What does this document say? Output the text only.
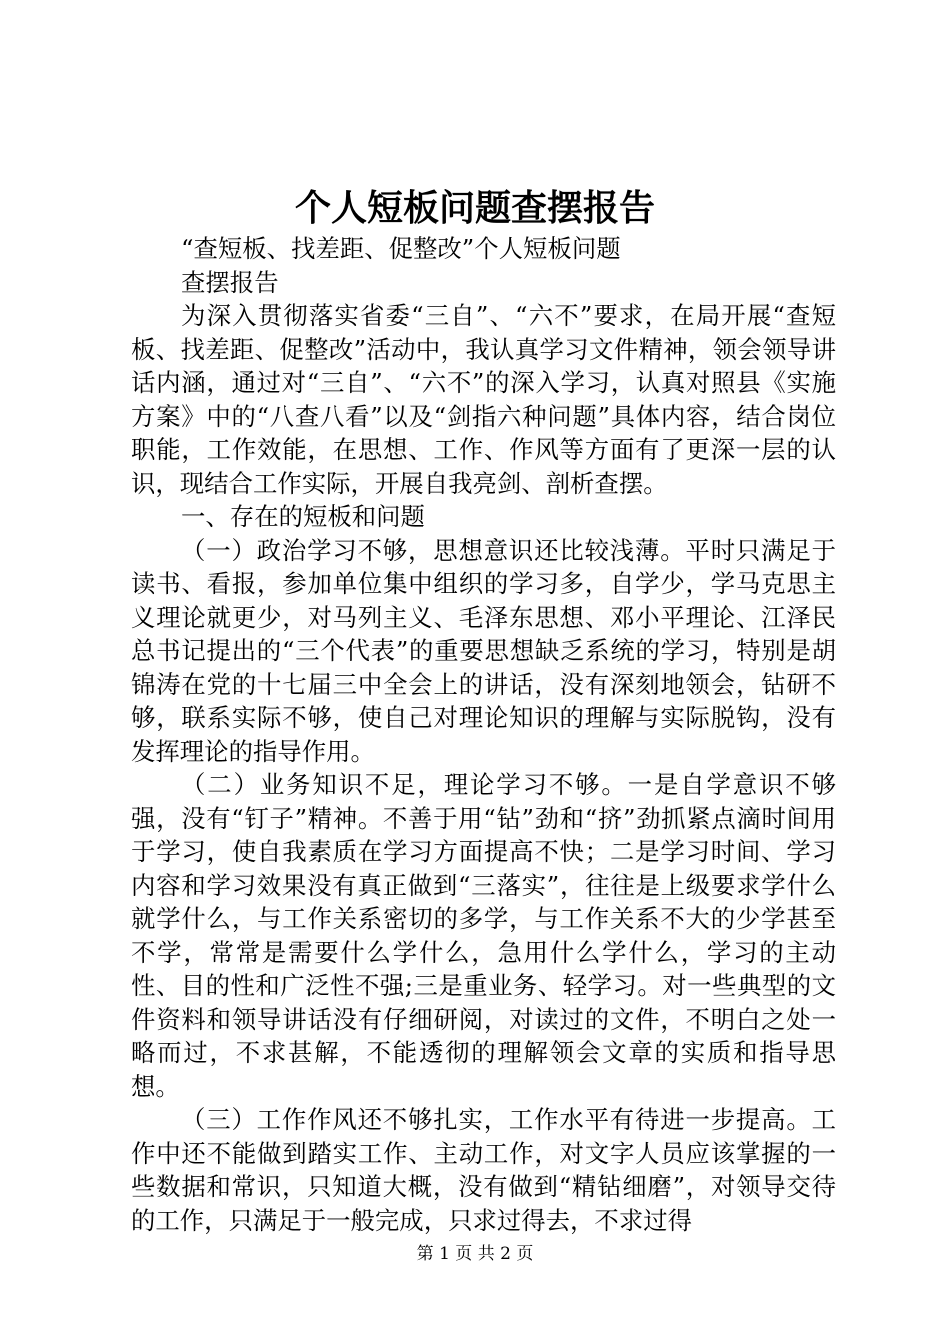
个人短板问题查摆报告

“查短板、找差距、促整改”个人短板问题

查摆报告

为深入贯彻落实省委“三自”、“六不”要求，在局开展“查短板、找差距、促整改”活动中，我认真学习文件精神，领会领导讲话内涵，通过对“三自”、“六不”的深入学习，认真对照县《实施方案》中的“八查八看”以及“剑指六种问题”具体内容，结合岗位职能，工作效能，在思想、工作、作风等方面有了更深一层的认识，现结合工作实际，开展自我亮剑、剖析查摆。

一、存在的短板和问题

（一）政治学习不够，思想意识还比较浅薄。平时只满足于读书、看报，参加单位集中组织的学习多，自学少，学马克思主义理论就更少，对马列主义、毛泽东思想、邓小平理论、江泽民总书记提出的“三个代表”的重要思想缺乏系统的学习，特别是胡锦涛在党的十七届三中全会上的讲话，没有深刻地领会，钻研不够，联系实际不够，使自己对理论知识的理解与实际脱钩，没有发挥理论的指导作用。

（二）业务知识不足，理论学习不够。一是自学意识不够强，没有“钉子”精神。不善于用“钻”劲和“挤”劲抓紧点滴时间用于学习，使自我素质在学习方面提高不快；二是学习时间、学习内容和学习效果没有真正做到“三落实”，往往是上级要求学什么就学什么，与工作关系密切的多学，与工作关系不大的少学甚至不学，常常是需要什么学什么，急用什么学什么，学习的主动性、目的性和广泛性不强;三是重业务、轻学习。对一些典型的文件资料和领导讲话没有仔细研阅，对读过的文件，不明白之处一略而过，不求甚解，不能透彻的理解领会文章的实质和指导思想。

（三）工作作风还不够扎实，工作水平有待进一步提高。工作中还不能做到踏实工作、主动工作，对文字人员应该掌握的一些数据和常识，只知道大概，没有做到“精钻细磨”，对领导交待的工作，只满足于一般完成，只求过得去，不求过得

第 1 页 共 2 页
